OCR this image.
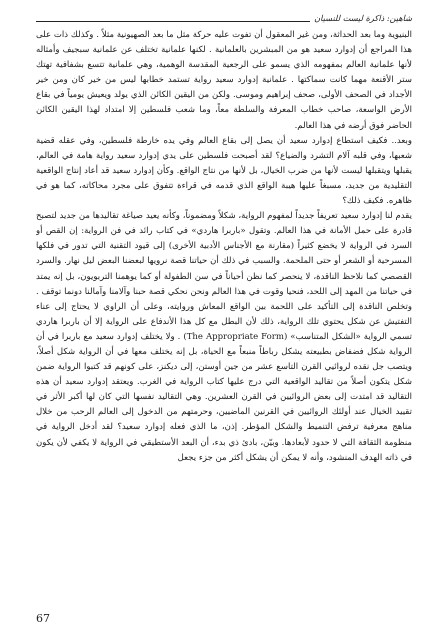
شاهين: ذاكرة ليست للنسيان

البنيوية وما بعد الحداثة، ومن غير المعقول أن تفوت عليه حركة مثل ما بعد الصهيونية مثلاً . وكذلك ذات على هذا المراجع أن إدوارد سعيد هو من المبشرين بالعلمانية . لكنها علمانية تختلف عن علمانية سبجيف وأمثاله لأنها علمانية العالم بمفهومه الذي يسمو على الرجعية المقدسة الوهمية، وهي علمانية تتسع بشفافية تهتك ستر الأقنعة مهما كانت سماكتها . علمانية إدوارد سعيد رواية تستمد خطابها ليس من خير كان ومن خير الأجداد في الصحف الأولى، صحف إبراهيم وموسى. ولكن من اليقين الكائن الذي يولد ويعيش يومياً في بقاع الأرض الواسعة، صاحب خطاب المعرفة والسلطة معاً، وما شعب فلسطين إلا امتداد لهذا اليقين الكائن الحاضر فوق أرضه في هذا العالم.

وبعد.. فكيف استطاع إدوارد سعيد أن يصل إلى بقاع العالم وفي يده خارطة فلسطين، وفي عقله قضية شعبها، وفي قلبه آلام التشرد والضياع؟ لقد أصبحت فلسطين على يدي إدوارد سعيد رواية هامة في العالم، يقبلها ويتقبلها ليست لأنها من ضرب الخيال، بل لأنها من نتاج الواقع. وكأن إدوارد سعيد قد أعاد إنتاج الواقعية التقليدية من جديد، مسبغاً عليها هيبة الواقع الذي قدمه في قراءة تتفوق على مجرد محاكاته، كما هو في ظاهره. فكيف ذلك؟

يقدم لنا إدوارد سعيد تعريفاً جديداً لمفهوم الرواية، شكلاً ومضموناً، وكأنه يعيد صياغة تقاليدها من جديد لتصبح قادرة على حمل الأمانة في هذا العالم. وتقول «باربرا هاردي» في كتاب رائد في فن الرواية: إن القص أو السرد في الرواية لا يخضع كثيراً (مقارنة مع الأجناس الأدبية الأخرى) إلى قيود التقنية التي تدور في فلكها المسرحية أو الشعر أو حتى الملحمة. والسبب في ذلك أن حياتنا قصة نرويها لبعضنا البعض ليل نهار. والسرد القصصي كما نلاحظ الناقدة، لا ينحصر كما نظن أحياناً في سن الطفولة أو كما يوهمنا التربويون، بل إنه يمتد في حياتنا من المهد إلى اللحد، فنحيا وقوت في هذا العالم ونحن نحكي قصة حبنا وآلامنا وآمالنا دونما توقف . وتخلص الناقدة إلى التأكيد على اللحمة بين الواقع المعاش وروايته، وعلى أن الراوي لا يحتاج إلى عناء التفتيش عن شكل يحتوي تلك الرواية، ذلك لأن البطل مع كل هذا الأندفاع على الرواية إلا أن باربرا هاردي تسمي الرواية «الشكل المتناسب» (The Appropriate Form) . ولا يختلف إدوارد سعيد مع باربرا في أن الرواية شكل فضفاض بطبيعته يشكل رباطاً منبعاً مع الحياة، بل إنه يختلف معها في أن الرواية شكل أصلاً، ويتصب جل نقده لروائيي القرن التاسع عشر من جين أوستن، إلى ديكنز، على كونهم قد كتبوا الرواية ضمن شكل يتكون أصلاً من تقاليد الواقعية التي درج عليها كتاب الرواية في الغرب. ويعتقد إدوارد سعيد أن هذه التقاليد قد امتدت إلى بعض الروائيين في القرن العشرين. وهي التقاليد نفسها التي كان لها أكبر الأثر في تقييد الخيال عند أولئك الروائيين في القرنين الماضيين، وحرمتهم من الدخول إلى العالم الرحب من خلال مناهج معرفية ترفض التنميط والشكل المؤطر. إذن، ما الذي فعله إدوارد سعيد؟ لقد أدخل الرواية في منظومة الثقافة التي لا حدود لأبعادها. وبيّن، بادئ ذي بدء، أن البعد الأستطيقي في الرواية لا يكفي لأن يكون في ذاته الهدف المنشود، وأنه لا يمكن أن يشكل أكثر من جزء يجعل

67
